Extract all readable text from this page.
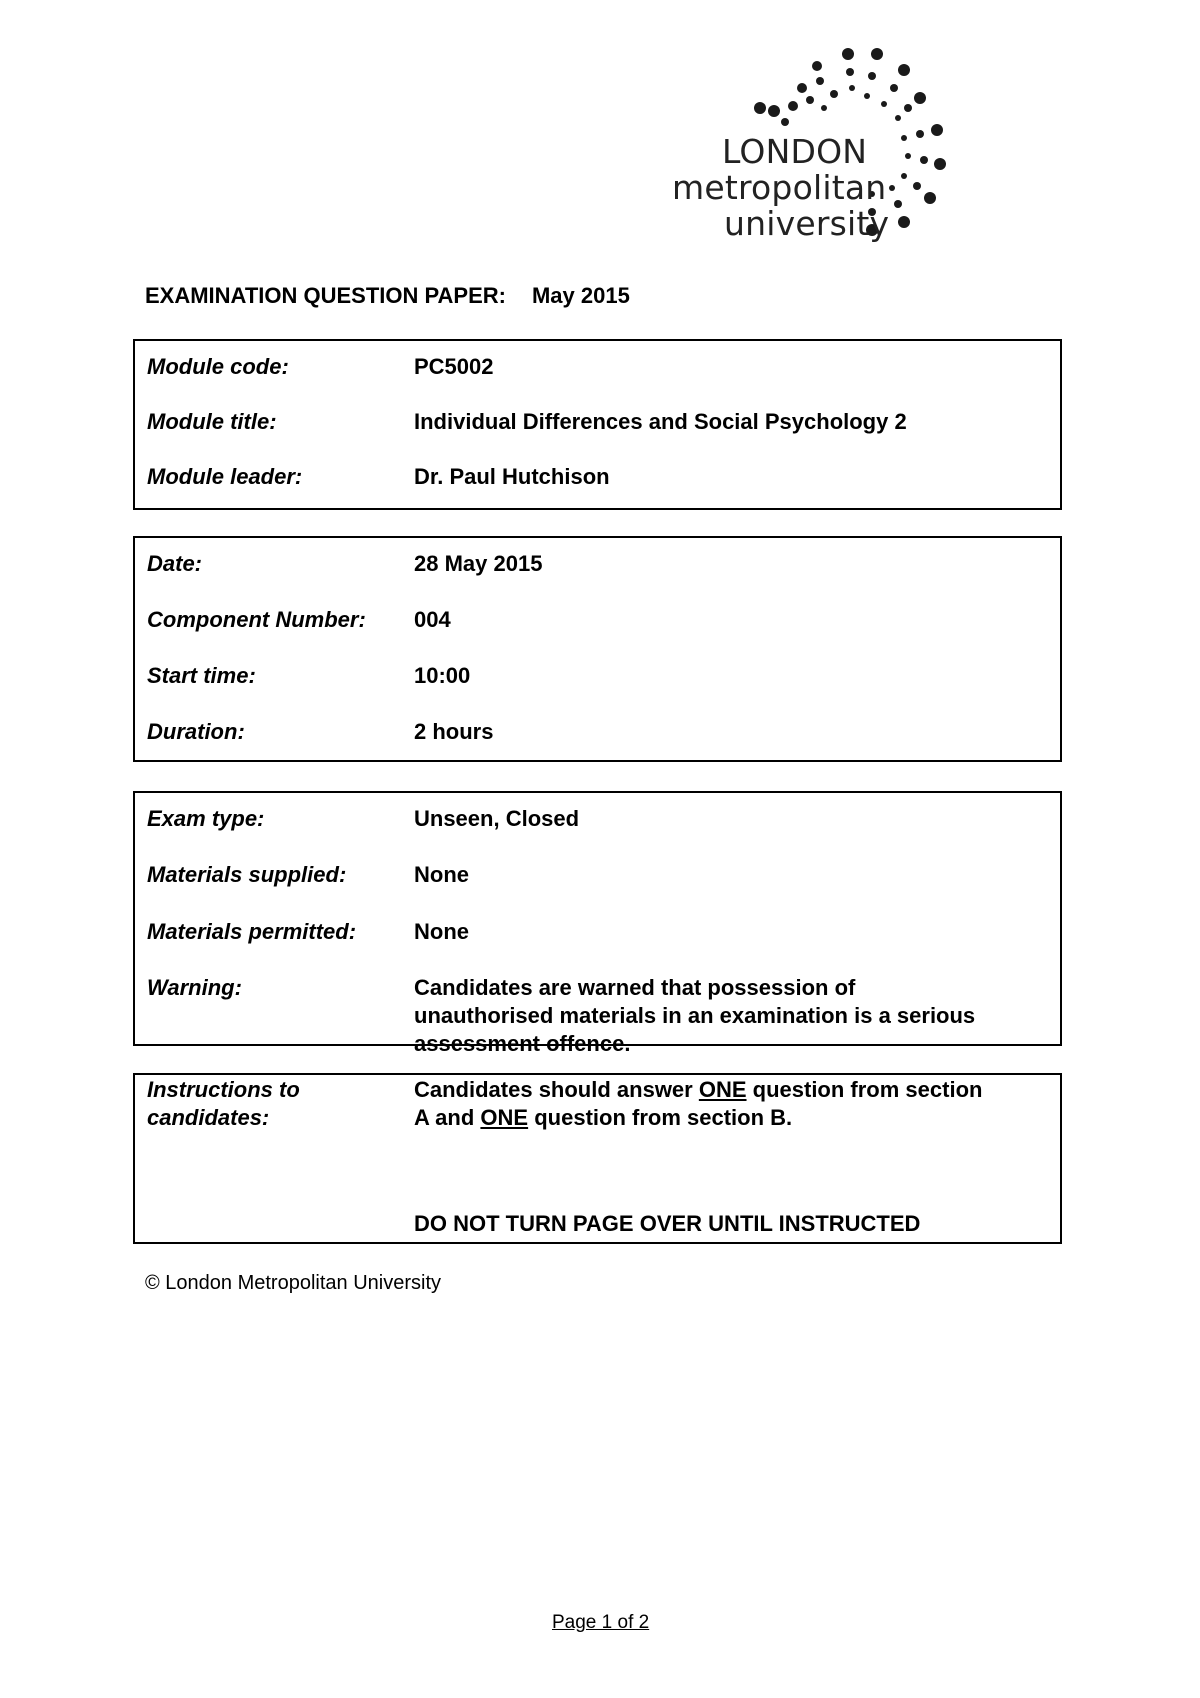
LONDON
metropolitan
university
EXAMINATION QUESTION PAPER: May 2015
Module code:	PC5002
Module title:	Individual Differences and Social Psychology 2
Module leader:	Dr. Paul Hutchison
Date:	28 May 2015
Component Number:	004
Start time:	10:00
Duration:	2 hours
Exam type:	Unseen, Closed
Materials supplied:	None
Materials permitted:	None
Warning:	Candidates are warned that possession of
unauthorised materials in an examination is a serious
assessment offence.
Instructions to
candidates:
Candidates should answer ONE question from section
A and ONE question from section B.
DO NOT TURN PAGE OVER UNTIL INSTRUCTED
© London Metropolitan University
Page 1 of 2
